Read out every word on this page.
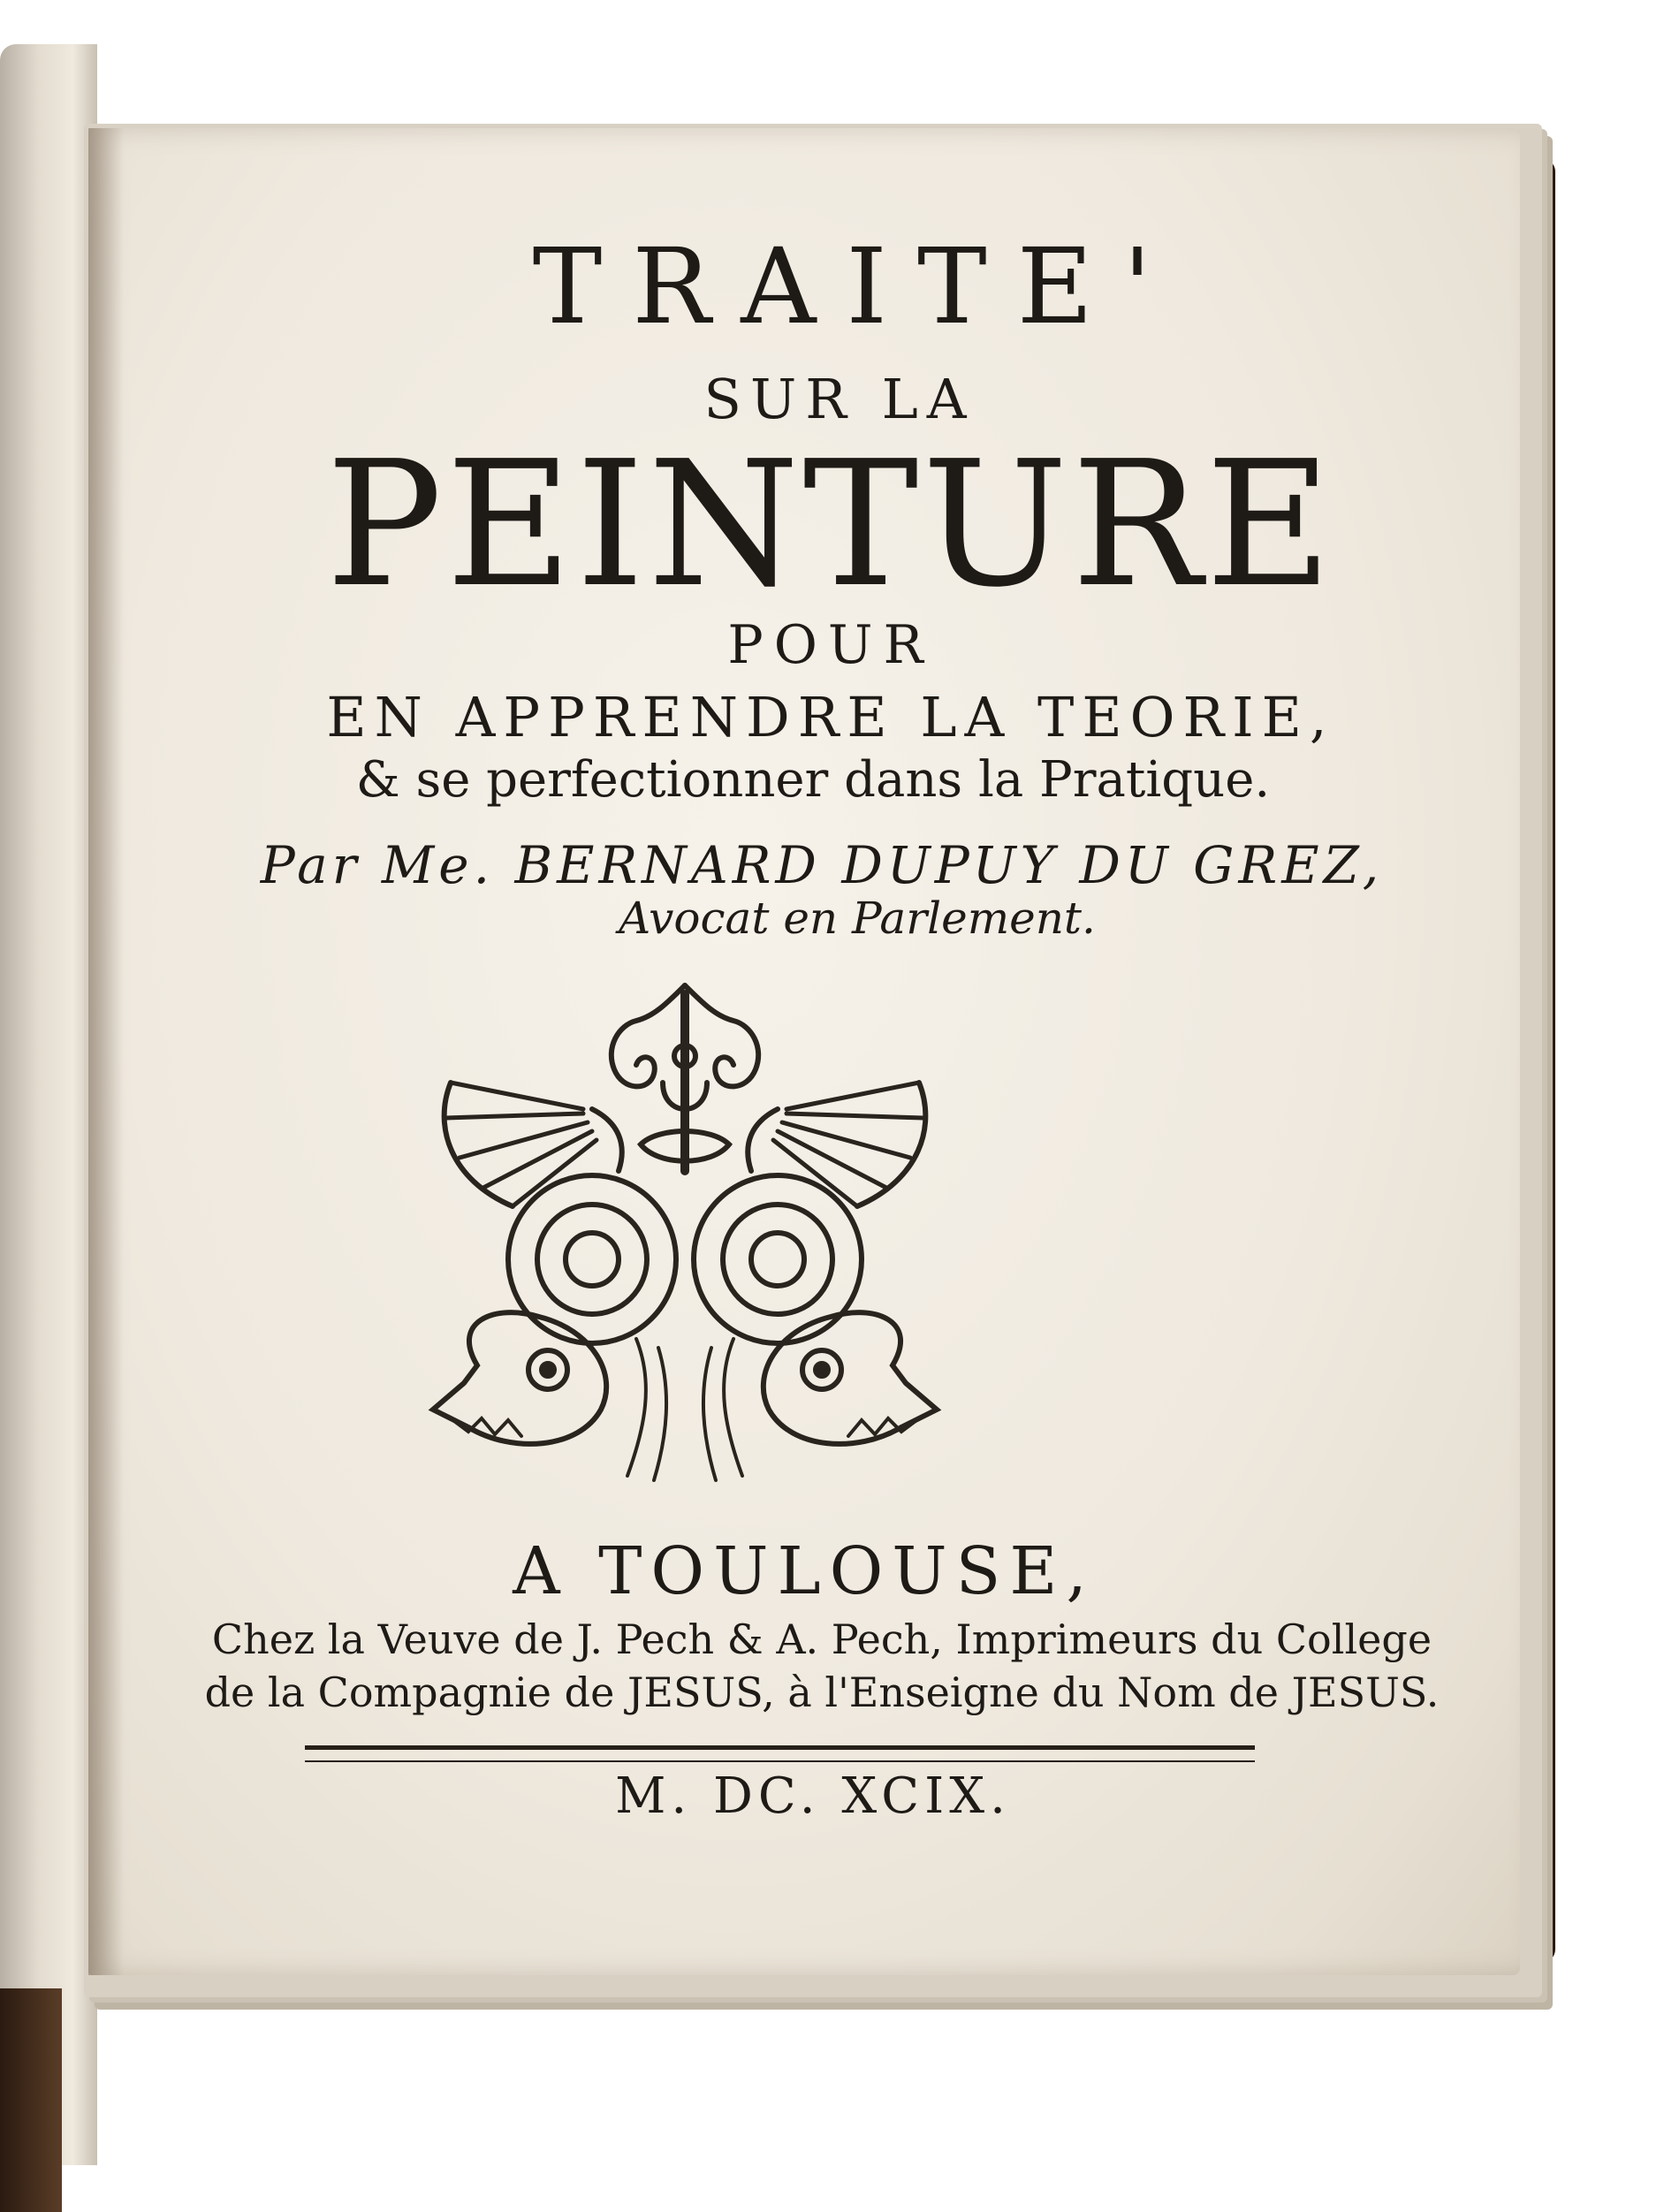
TRAITE'

SUR LA

PEINTURE

POUR

EN APPRENDRE LA TEORIE,

& se perfectionner dans la Pratique.

Par Me. BERNARD DUPUY DU GREZ,

Avocat en Parlement.

A TOULOUSE,

Chez la Veuve de J. Pech & A. Pech, Imprimeurs du College

de la Compagnie de JESUS, à l'Enseigne du Nom de JESUS.

M. DC. XCIX.
